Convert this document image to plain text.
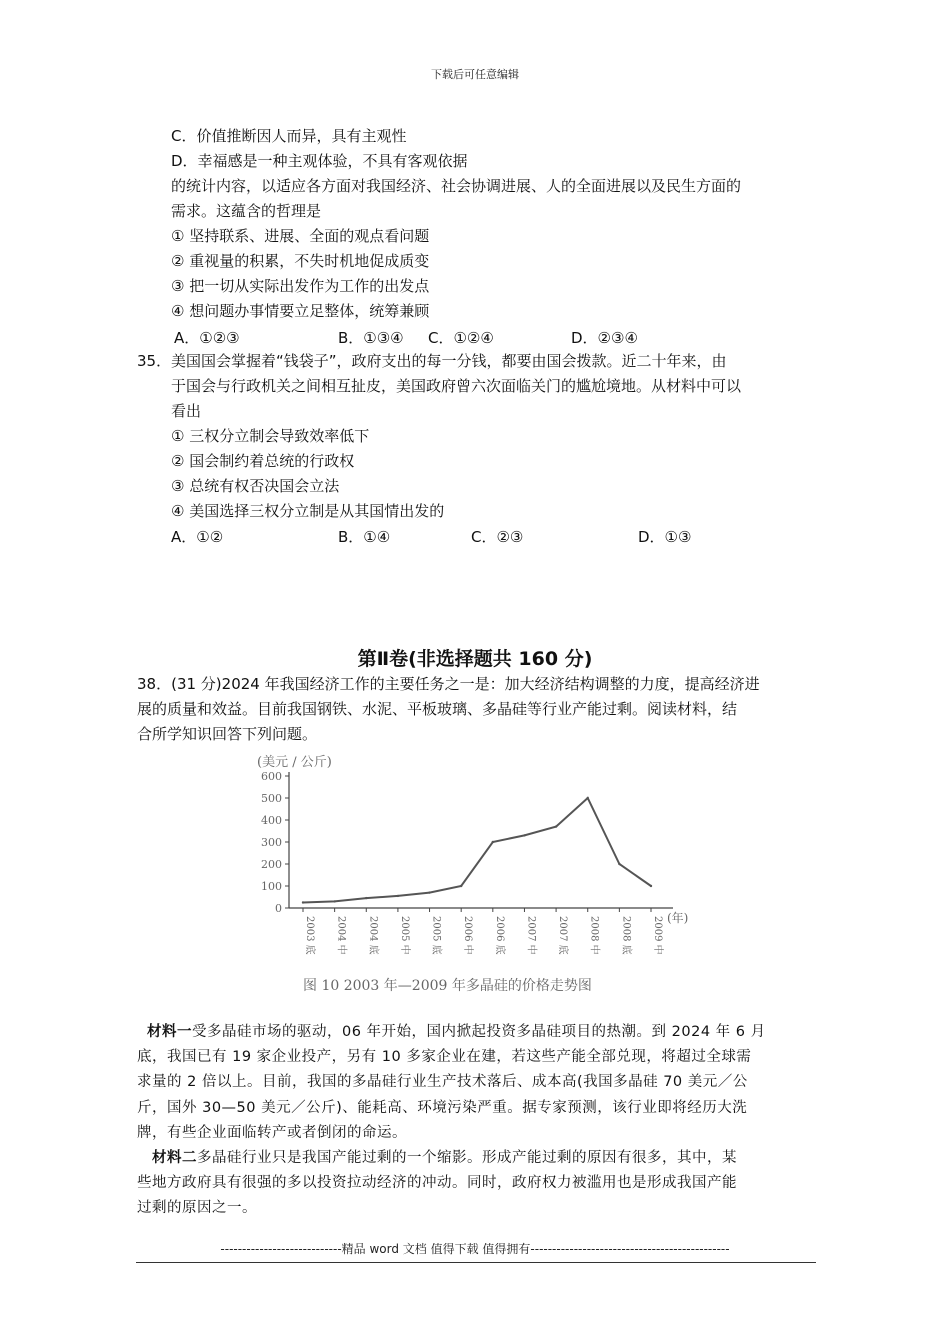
下载后可任意编辑
C．价值推断因人而异，具有主观性
D．幸福感是一种主观体验，不具有客观依据
的统计内容，以适应各方面对我国经济、社会协调进展、人的全面进展以及民生方面的
需求。这蕴含的哲理是
① 坚持联系、进展、全面的观点看问题
② 重视量的积累，不失时机地促成质变
③ 把一切从实际出发作为工作的出发点
④ 想问题办事情要立足整体，统筹兼顾
A．①②③	B．①③④ C．①②④	D．②③④
35． 美国国会掌握着“钱袋子”，政府支出的每一分钱，都要由国会拨款。近二十年来，由
于国会与行政机关之间相互扯皮，美国政府曾六次面临关门的尴尬境地。从材料中可以
看出
① 三权分立制会导致效率低下
② 国会制约着总统的行政权
③ 总统有权否决国会立法
④ 美国选择三权分立制是从其国情出发的
A．①②	B．①④	C．②③	D．①③
第Ⅱ卷(非选择题共 160 分)
38．(31 分)2024 年我国经济工作的主要任务之一是：加大经济结构调整的力度，提高经济进
展的质量和效益。目前我国钢铁、水泥、平板玻璃、多晶硅等行业产能过剩。阅读材料，结
合所学知识回答下列问题。
(美元 / 公斤)
0
100
200
300
400
500
600
2003 底 2004 中 2004 底 2005 中 2005 底 2006 中 2006 底 2007 中 2007 底 2008 中 2008 底 2009 中 (年)
图 10 2003 年—2009 年多晶硅的价格走势图
材料一受多晶硅市场的驱动，06 年开始，国内掀起投资多晶硅项目的热潮。到 2024 年 6 月
底，我国已有 19 家企业投产，另有 10 多家企业在建，若这些产能全部兑现，将超过全球需
求量的 2 倍以上。目前，我国的多晶硅行业生产技术落后、成本高(我国多晶硅 70 美元／公
斤，国外 30—50 美元／公斤)、能耗高、环境污染严重。据专家预测，该行业即将经历大洗
牌，有些企业面临转产或者倒闭的命运。
材料二多晶硅行业只是我国产能过剩的一个缩影。形成产能过剩的原因有很多，其中，某
些地方政府具有很强的多以投资拉动经济的冲动。同时，政府权力被滥用也是形成我国产能
过剩的原因之一。
----------------------------精品 word 文档 值得下载 值得拥有----------------------------------------------
